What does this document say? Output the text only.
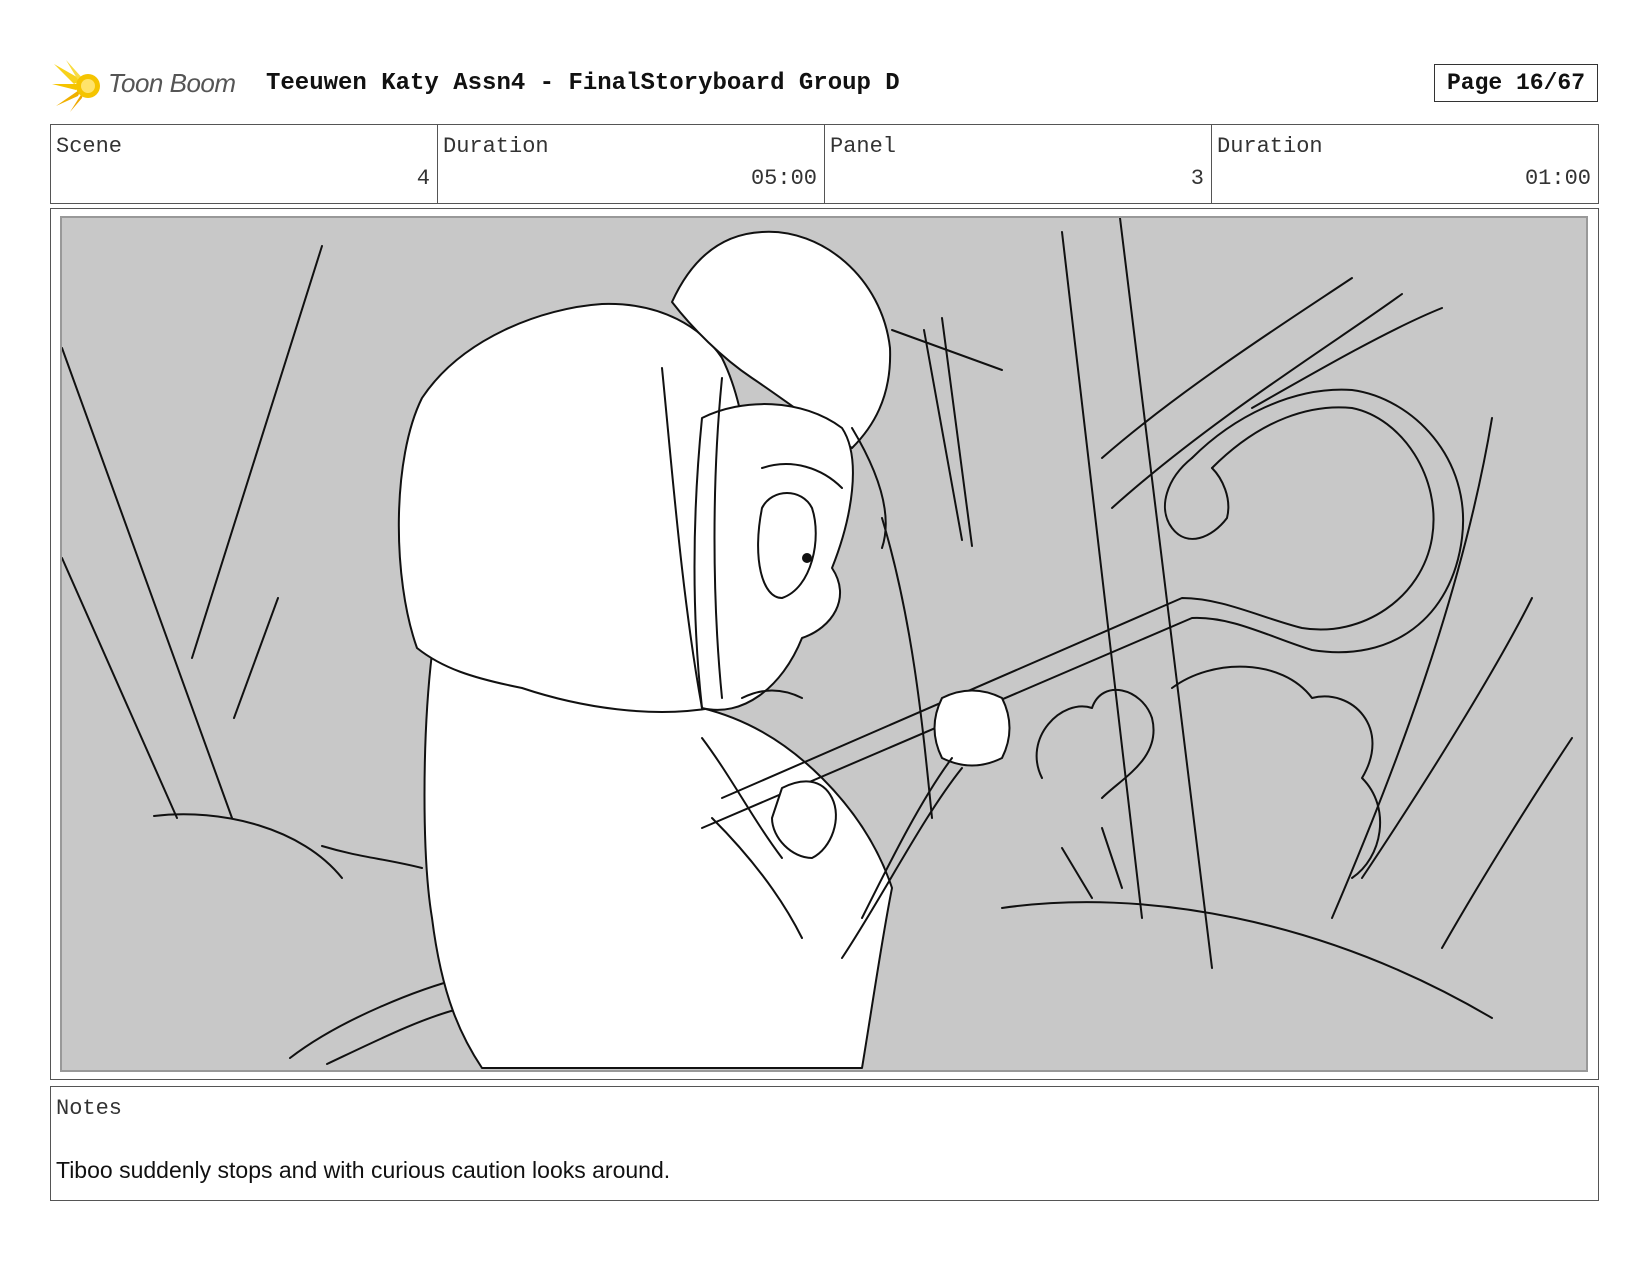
Toon Boom Teeuwen Katy Assn4 - FinalStoryboard Group D	Page 16/67
Scene
4
Duration
05:00
Panel
3
Duration
01:00
Notes
Tiboo suddenly stops and with curious caution looks around.
